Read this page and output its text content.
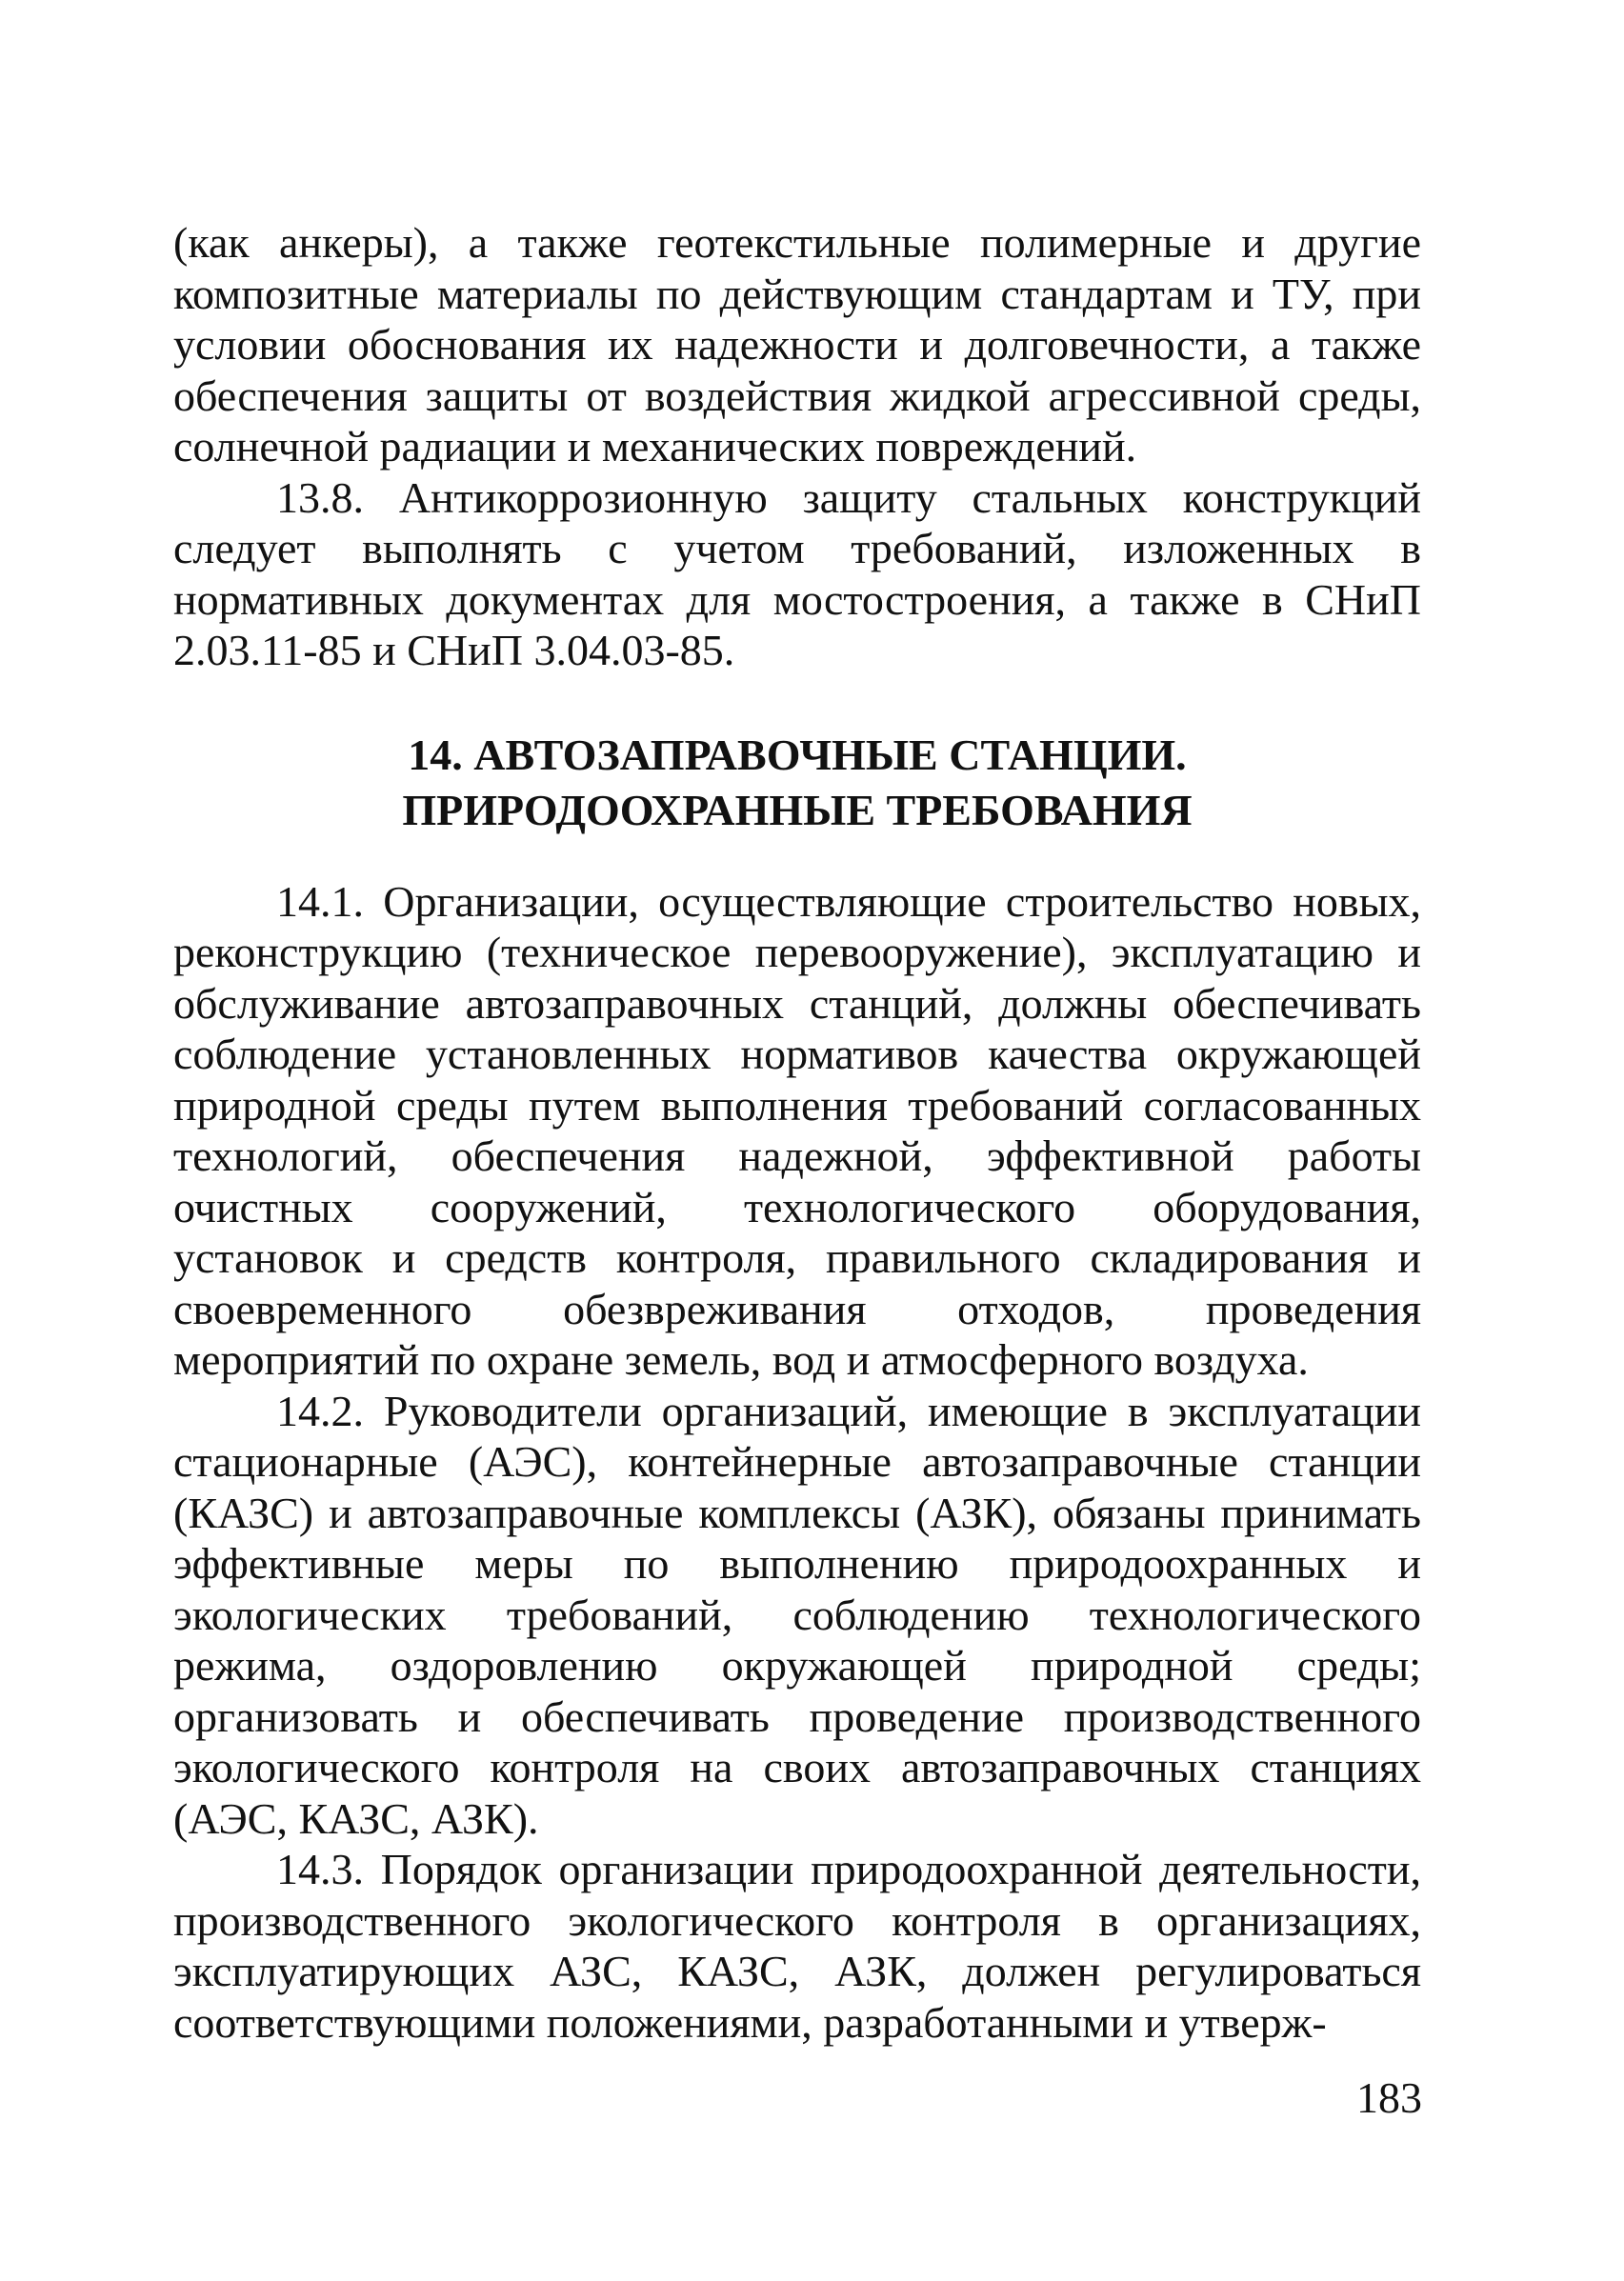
(как анкеры), а также геотекстильные полимерные и другие композитные материалы по действующим стандартам и ТУ, при условии обоснования их надежности и долговечности, а также обеспечения защиты от воздействия жидкой агрессивной среды, солнечной радиации и механических повреждений.

13.8. Антикоррозионную защиту стальных конструкций следует выполнять с учетом требований, изложенных в нормативных документах для мостостроения, а также в СНиП 2.03.11-85 и СНиП 3.04.03-85.

14. АВТОЗАПРАВОЧНЫЕ СТАНЦИИ.
ПРИРОДООХРАННЫЕ ТРЕБОВАНИЯ

14.1. Организации, осуществляющие строительство новых, реконструкцию (техническое перевооружение), эксплуатацию и обслуживание автозаправочных станций, должны обеспечивать соблюдение установленных нормативов качества окружающей природной среды путем выполнения требований согласованных технологий, обеспечения надежной, эффективной работы очистных сооружений, технологического оборудования, установок и средств контроля, правильного складирования и своевременного обезвреживания отходов, проведения мероприятий по охране земель, вод и атмосферного воздуха.

14.2. Руководители организаций, имеющие в эксплуатации стационарные (АЭС), контейнерные автозаправочные станции (КАЗС) и автозаправочные комплексы (АЗК), обязаны принимать эффективные меры по выполнению природоохранных и экологических требований, соблюдению технологического режима, оздоровлению окружающей природной среды; организовать и обеспечивать проведение производственного экологического контроля на своих автозаправочных станциях (АЭС, КАЗС, АЗК).

14.3. Порядок организации природоохранной деятельности, производственного экологического контроля в организациях, эксплуатирующих АЗС, КАЗС, АЗК, должен регулироваться соответствующими положениями, разработанными и утверж-

183
